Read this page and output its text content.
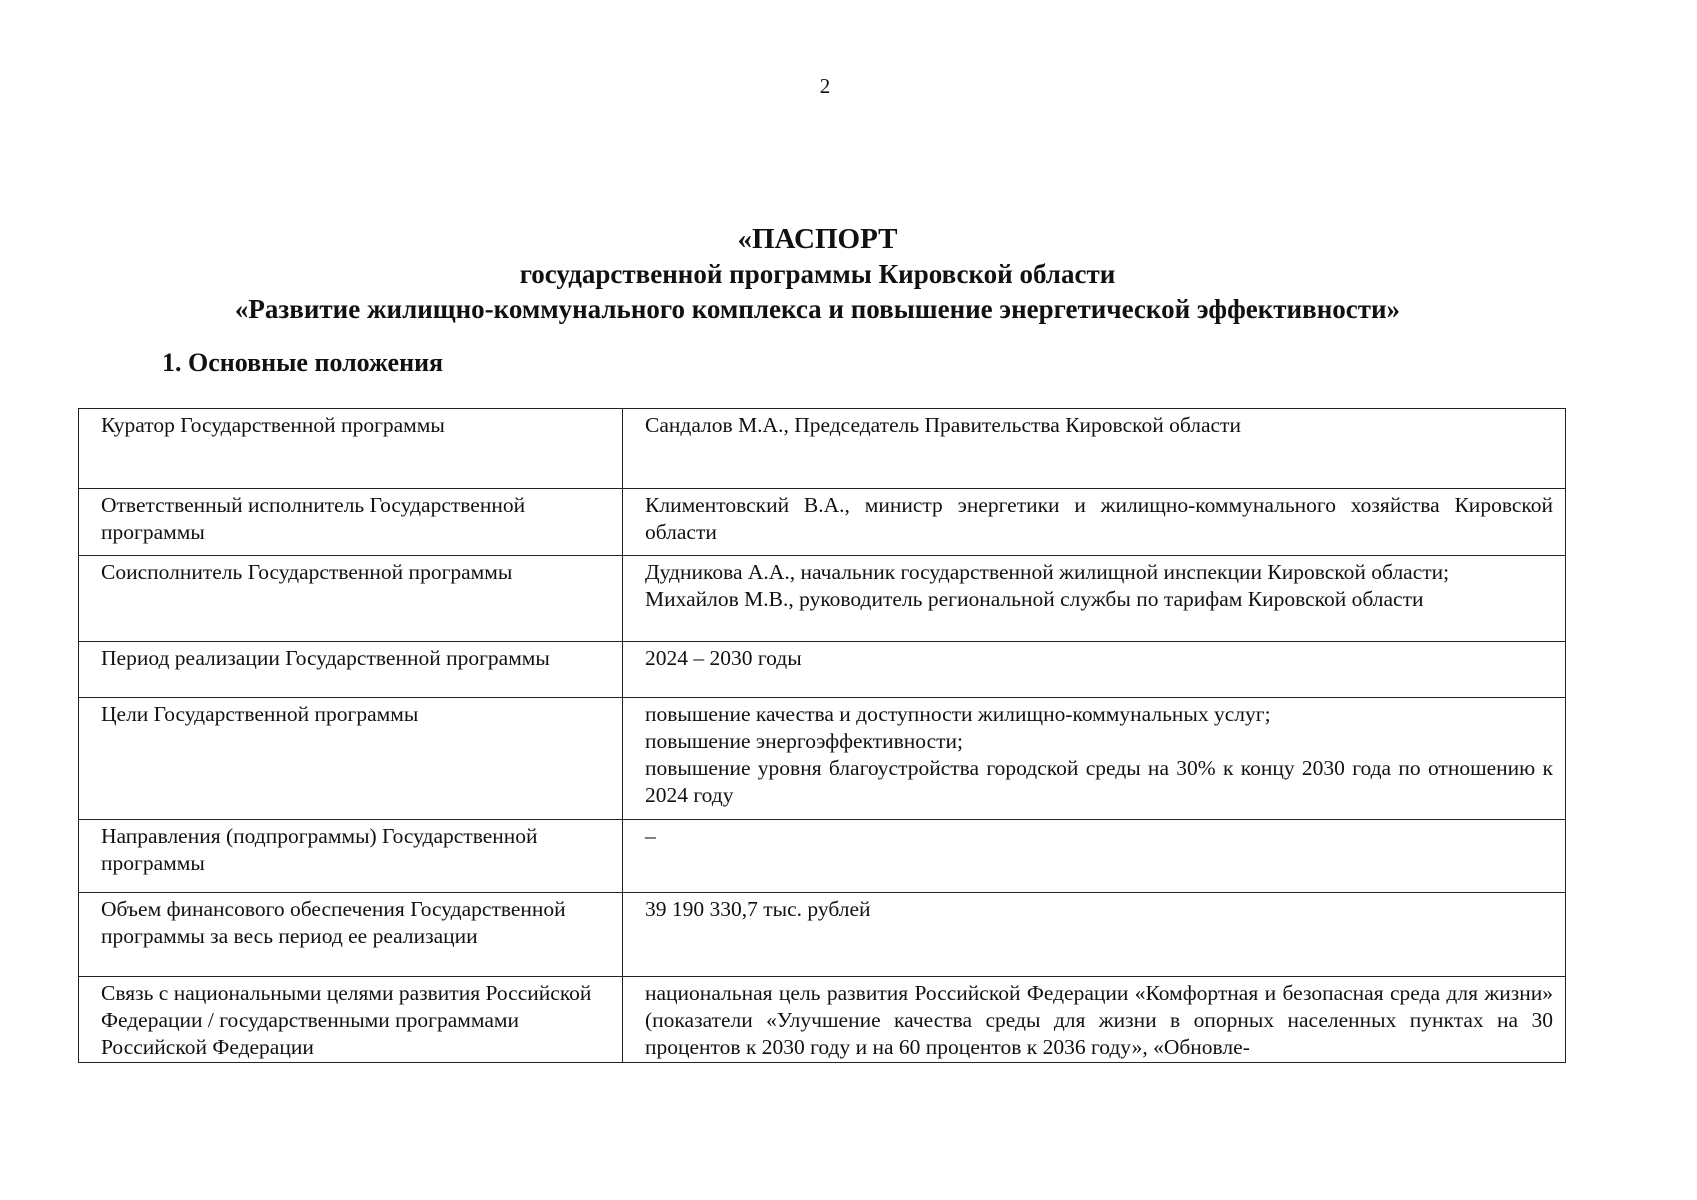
2
«ПАСПОРТ
государственной программы Кировской области
«Развитие жилищно-коммунального комплекса и повышение энергетической эффективности»
1. Основные положения
Куратор Государственной программы	Сандалов М.А., Председатель Правительства Кировской области

Ответственный исполнитель Государственной программы	Климентовский В.А., министр энергетики и жилищно-коммунального хозяйства Кировской области

Соисполнитель Государственной программы	Дудникова А.А., начальник государственной жилищной инспекции Кировской области;
Михайлов М.В., руководитель региональной службы по тарифам Кировской области

Период реализации Государственной программы	2024 – 2030 годы

Цели Государственной программы	повышение качества и доступности жилищно-коммунальных услуг;
повышение энергоэффективности;
повышение уровня благоустройства городской среды на 30% к концу 2030 года по отношению к 2024 году

Направления (подпрограммы) Государственной программы	–

Объем финансового обеспечения Государственной программы за весь период ее реализации	39 190 330,7 тыс. рублей

Связь с национальными целями развития Российской Федерации / государственными программами Российской Федерации	национальная цель развития Российской Федерации «Комфортная и безопасная среда для жизни» (показатели «Улучшение качества среды для жизни в опорных населенных пунктах на 30 процентов к 2030 году и на 60 процентов к 2036 году», «Обновле-
